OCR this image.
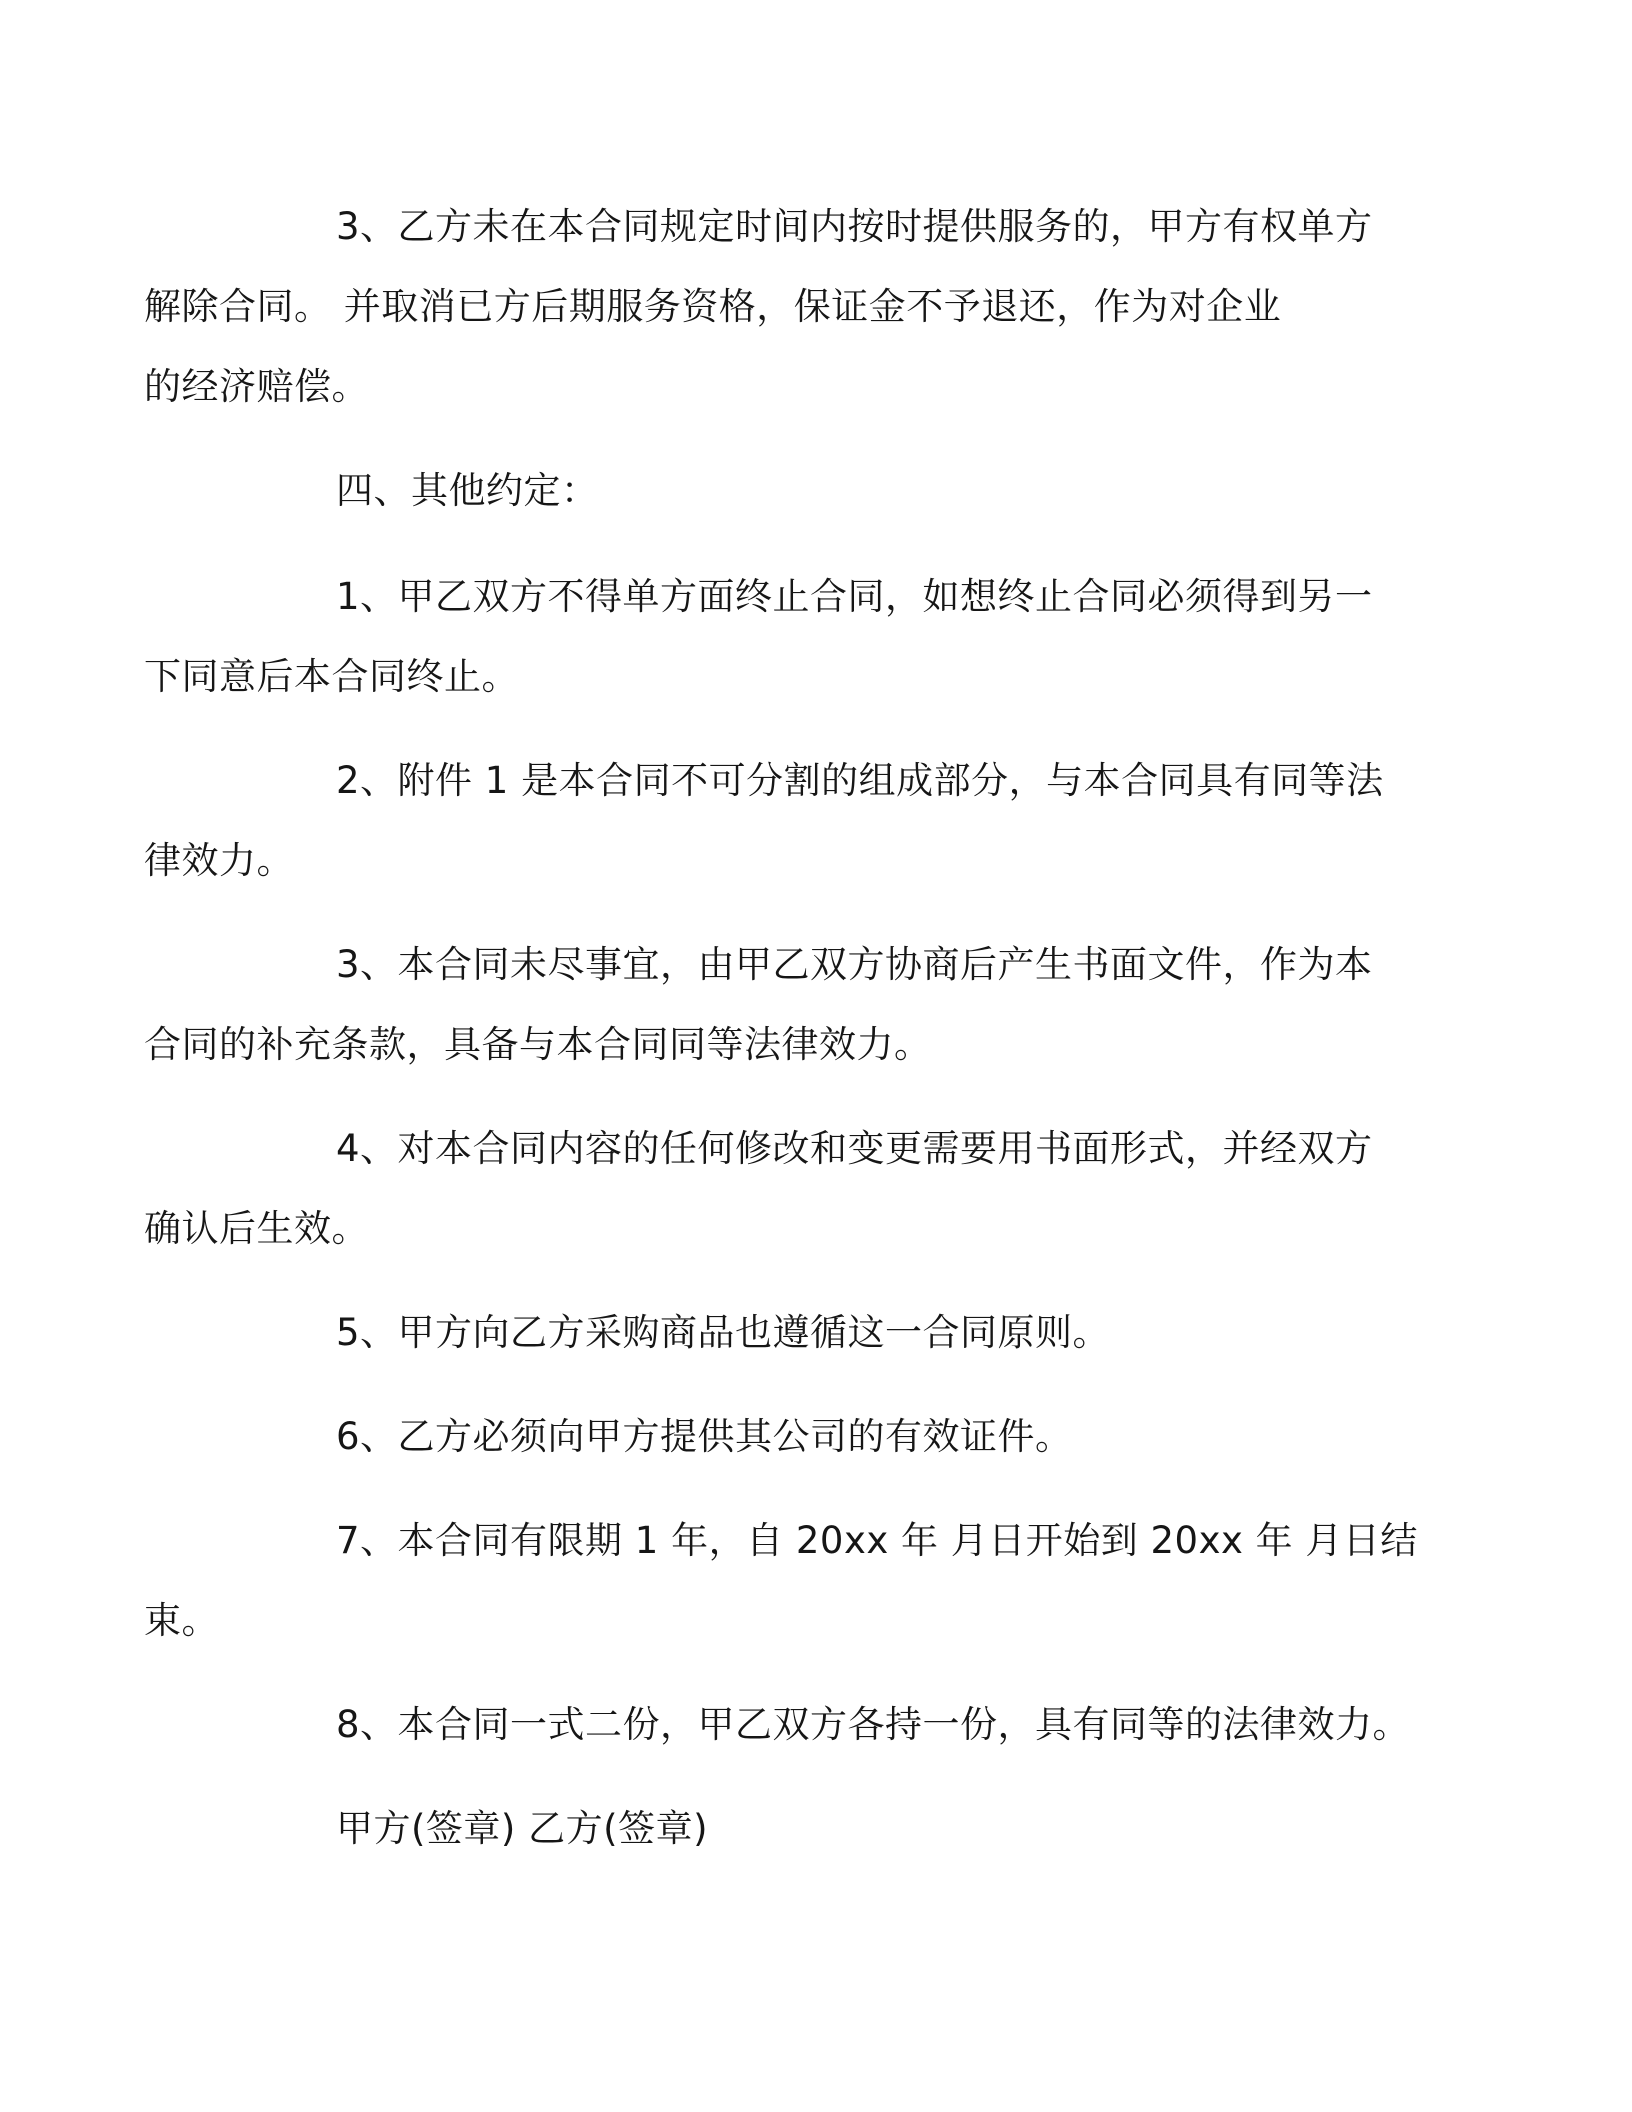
3、乙方未在本合同规定时间内按时提供服务的，甲方有权单方
解除合同。 并取消已方后期服务资格，保证金不予退还，作为对企业
的经济赔偿。

四、其他约定：

1、甲乙双方不得单方面终止合同，如想终止合同必须得到另一
下同意后本合同终止。

2、附件 1 是本合同不可分割的组成部分，与本合同具有同等法
律效力。

3、本合同未尽事宜，由甲乙双方协商后产生书面文件，作为本
合同的补充条款，具备与本合同同等法律效力。

4、对本合同内容的任何修改和变更需要用书面形式，并经双方
确认后生效。

5、甲方向乙方采购商品也遵循这一合同原则。

6、乙方必须向甲方提供其公司的有效证件。

7、本合同有限期 1 年，自 20xx 年 月日开始到 20xx 年 月日结
束。

8、本合同一式二份，甲乙双方各持一份，具有同等的法律效力。

甲方(签章) 乙方(签章)
